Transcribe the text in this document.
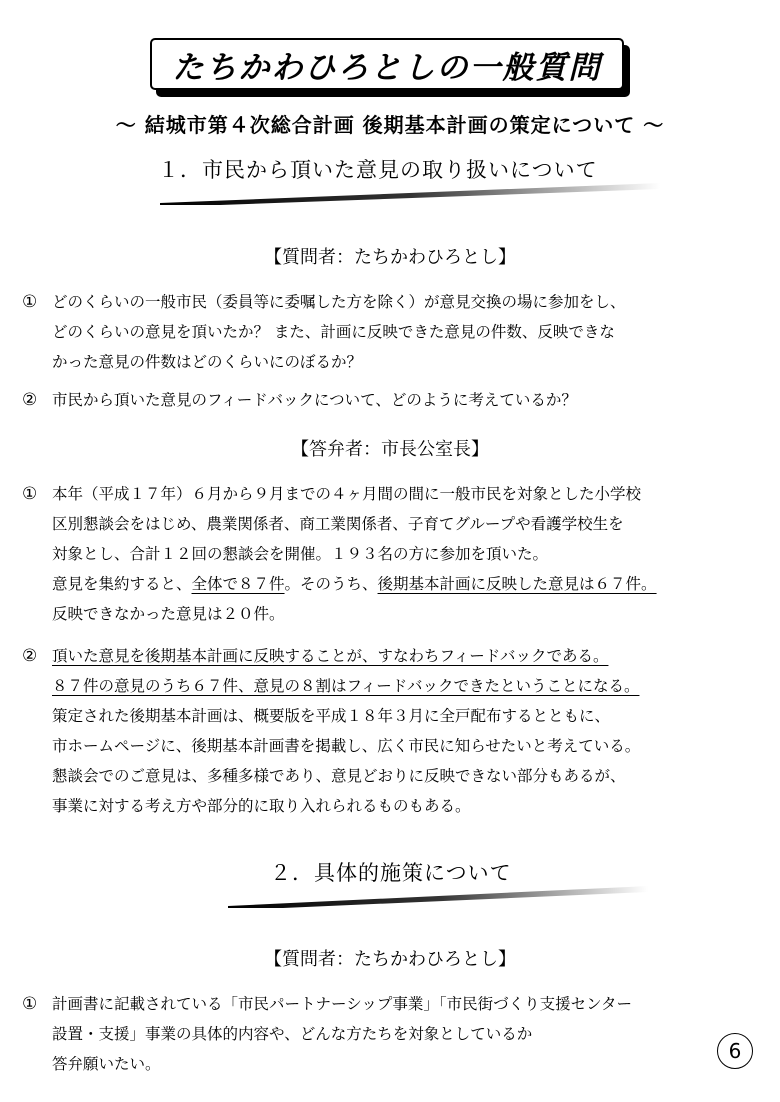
たちかわひろとしの一般質問
～ 結城市第４次総合計画 後期基本計画の策定について ～
１．市民から頂いた意見の取り扱いについて
【質問者：たちかわひろとし】
① どのくらいの一般市民（委員等に委嘱した方を除く）が意見交換の場に参加をし、
どのくらいの意見を頂いたか？ また、計画に反映できた意見の件数、反映できな
かった意見の件数はどのくらいにのぼるか？
② 市民から頂いた意見のフィードバックについて、どのように考えているか？
【答弁者：市長公室長】
① 本年（平成１７年）６月から９月までの４ヶ月間の間に一般市民を対象とした小学校
区別懇談会をはじめ、農業関係者、商工業関係者、子育てグループや看護学校生を
対象とし、合計１２回の懇談会を開催。１９３名の方に参加を頂いた。
意見を集約すると、全体で８７件。そのうち、後期基本計画に反映した意見は６７件。
反映できなかった意見は２０件。
② 頂いた意見を後期基本計画に反映することが、すなわちフィードバックである。
８７件の意見のうち６７件、意見の８割はフィードバックできたということになる。
策定された後期基本計画は、概要版を平成１８年３月に全戸配布するとともに、
市ホームページに、後期基本計画書を掲載し、広く市民に知らせたいと考えている。
懇談会でのご意見は、多種多様であり、意見どおりに反映できない部分もあるが、
事業に対する考え方や部分的に取り入れられるものもある。
２．具体的施策について
【質問者：たちかわひろとし】
① 計画書に記載されている「市民パートナーシップ事業」「市民街づくり支援センター
設置・支援」事業の具体的内容や、どんな方たちを対象としているか
答弁願いたい。
6
